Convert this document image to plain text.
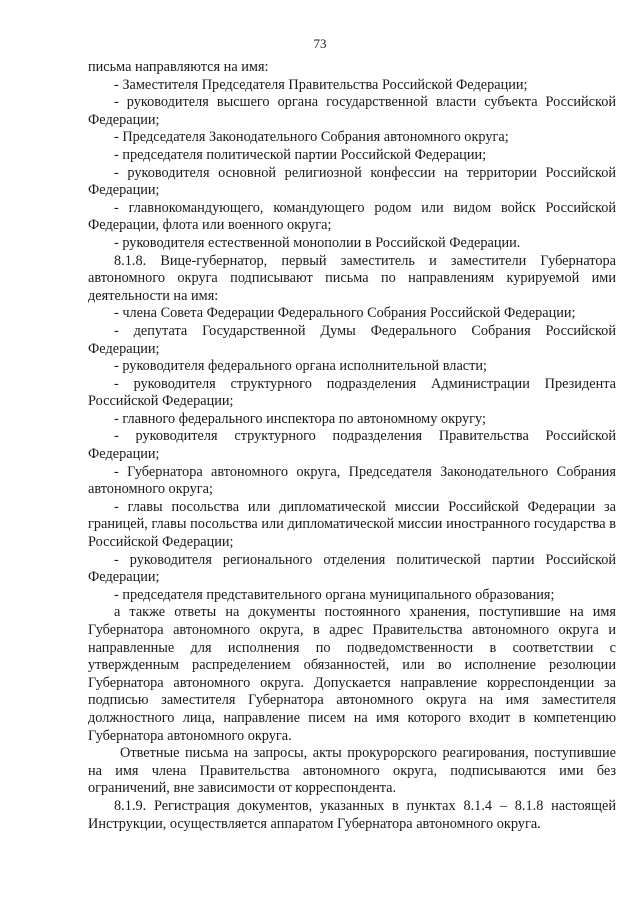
73

письма направляются на имя:

- Заместителя Председателя Правительства Российской Федерации;

- руководителя высшего органа государственной власти субъекта Российской Федерации;

- Председателя Законодательного Собрания автономного округа;

- председателя политической партии Российской Федерации;

- руководителя основной религиозной конфессии на территории Российской Федерации;

- главнокомандующего, командующего родом или видом войск Российской Федерации, флота или военного округа;

- руководителя естественной монополии в Российской Федерации.

8.1.8. Вице-губернатор, первый заместитель и заместители Губернатора автономного округа подписывают письма по направлениям курируемой ими деятельности на имя:

- члена Совета Федерации Федерального Собрания Российской Федерации;

- депутата Государственной Думы Федерального Собрания Российской Федерации;

- руководителя федерального органа исполнительной власти;

- руководителя структурного подразделения Администрации Президента Российской Федерации;

- главного федерального инспектора по автономному округу;

- руководителя структурного подразделения Правительства Российской Федерации;

- Губернатора автономного округа, Председателя Законодательного Собрания автономного округа;

- главы посольства или дипломатической миссии Российской Федерации за границей, главы посольства или дипломатической миссии иностранного государства в Российской Федерации;

- руководителя регионального отделения политической партии Российской Федерации;

- председателя представительного органа муниципального образования;

а также ответы на документы постоянного хранения, поступившие на имя Губернатора автономного округа, в адрес Правительства автономного округа и направленные для исполнения по подведомственности в соответствии с утвержденным распределением обязанностей, или во исполнение резолюции Губернатора автономного округа. Допускается направление корреспонденции за подписью заместителя Губернатора автономного округа на имя заместителя должностного лица, направление писем на имя которого входит в компетенцию Губернатора автономного округа.

Ответные письма на запросы, акты прокурорского реагирования, поступившие на имя члена Правительства автономного округа, подписываются ими без ограничений, вне зависимости от корреспондента.

8.1.9. Регистрация документов, указанных в пунктах 8.1.4 – 8.1.8 настоящей Инструкции, осуществляется аппаратом Губернатора автономного округа.
